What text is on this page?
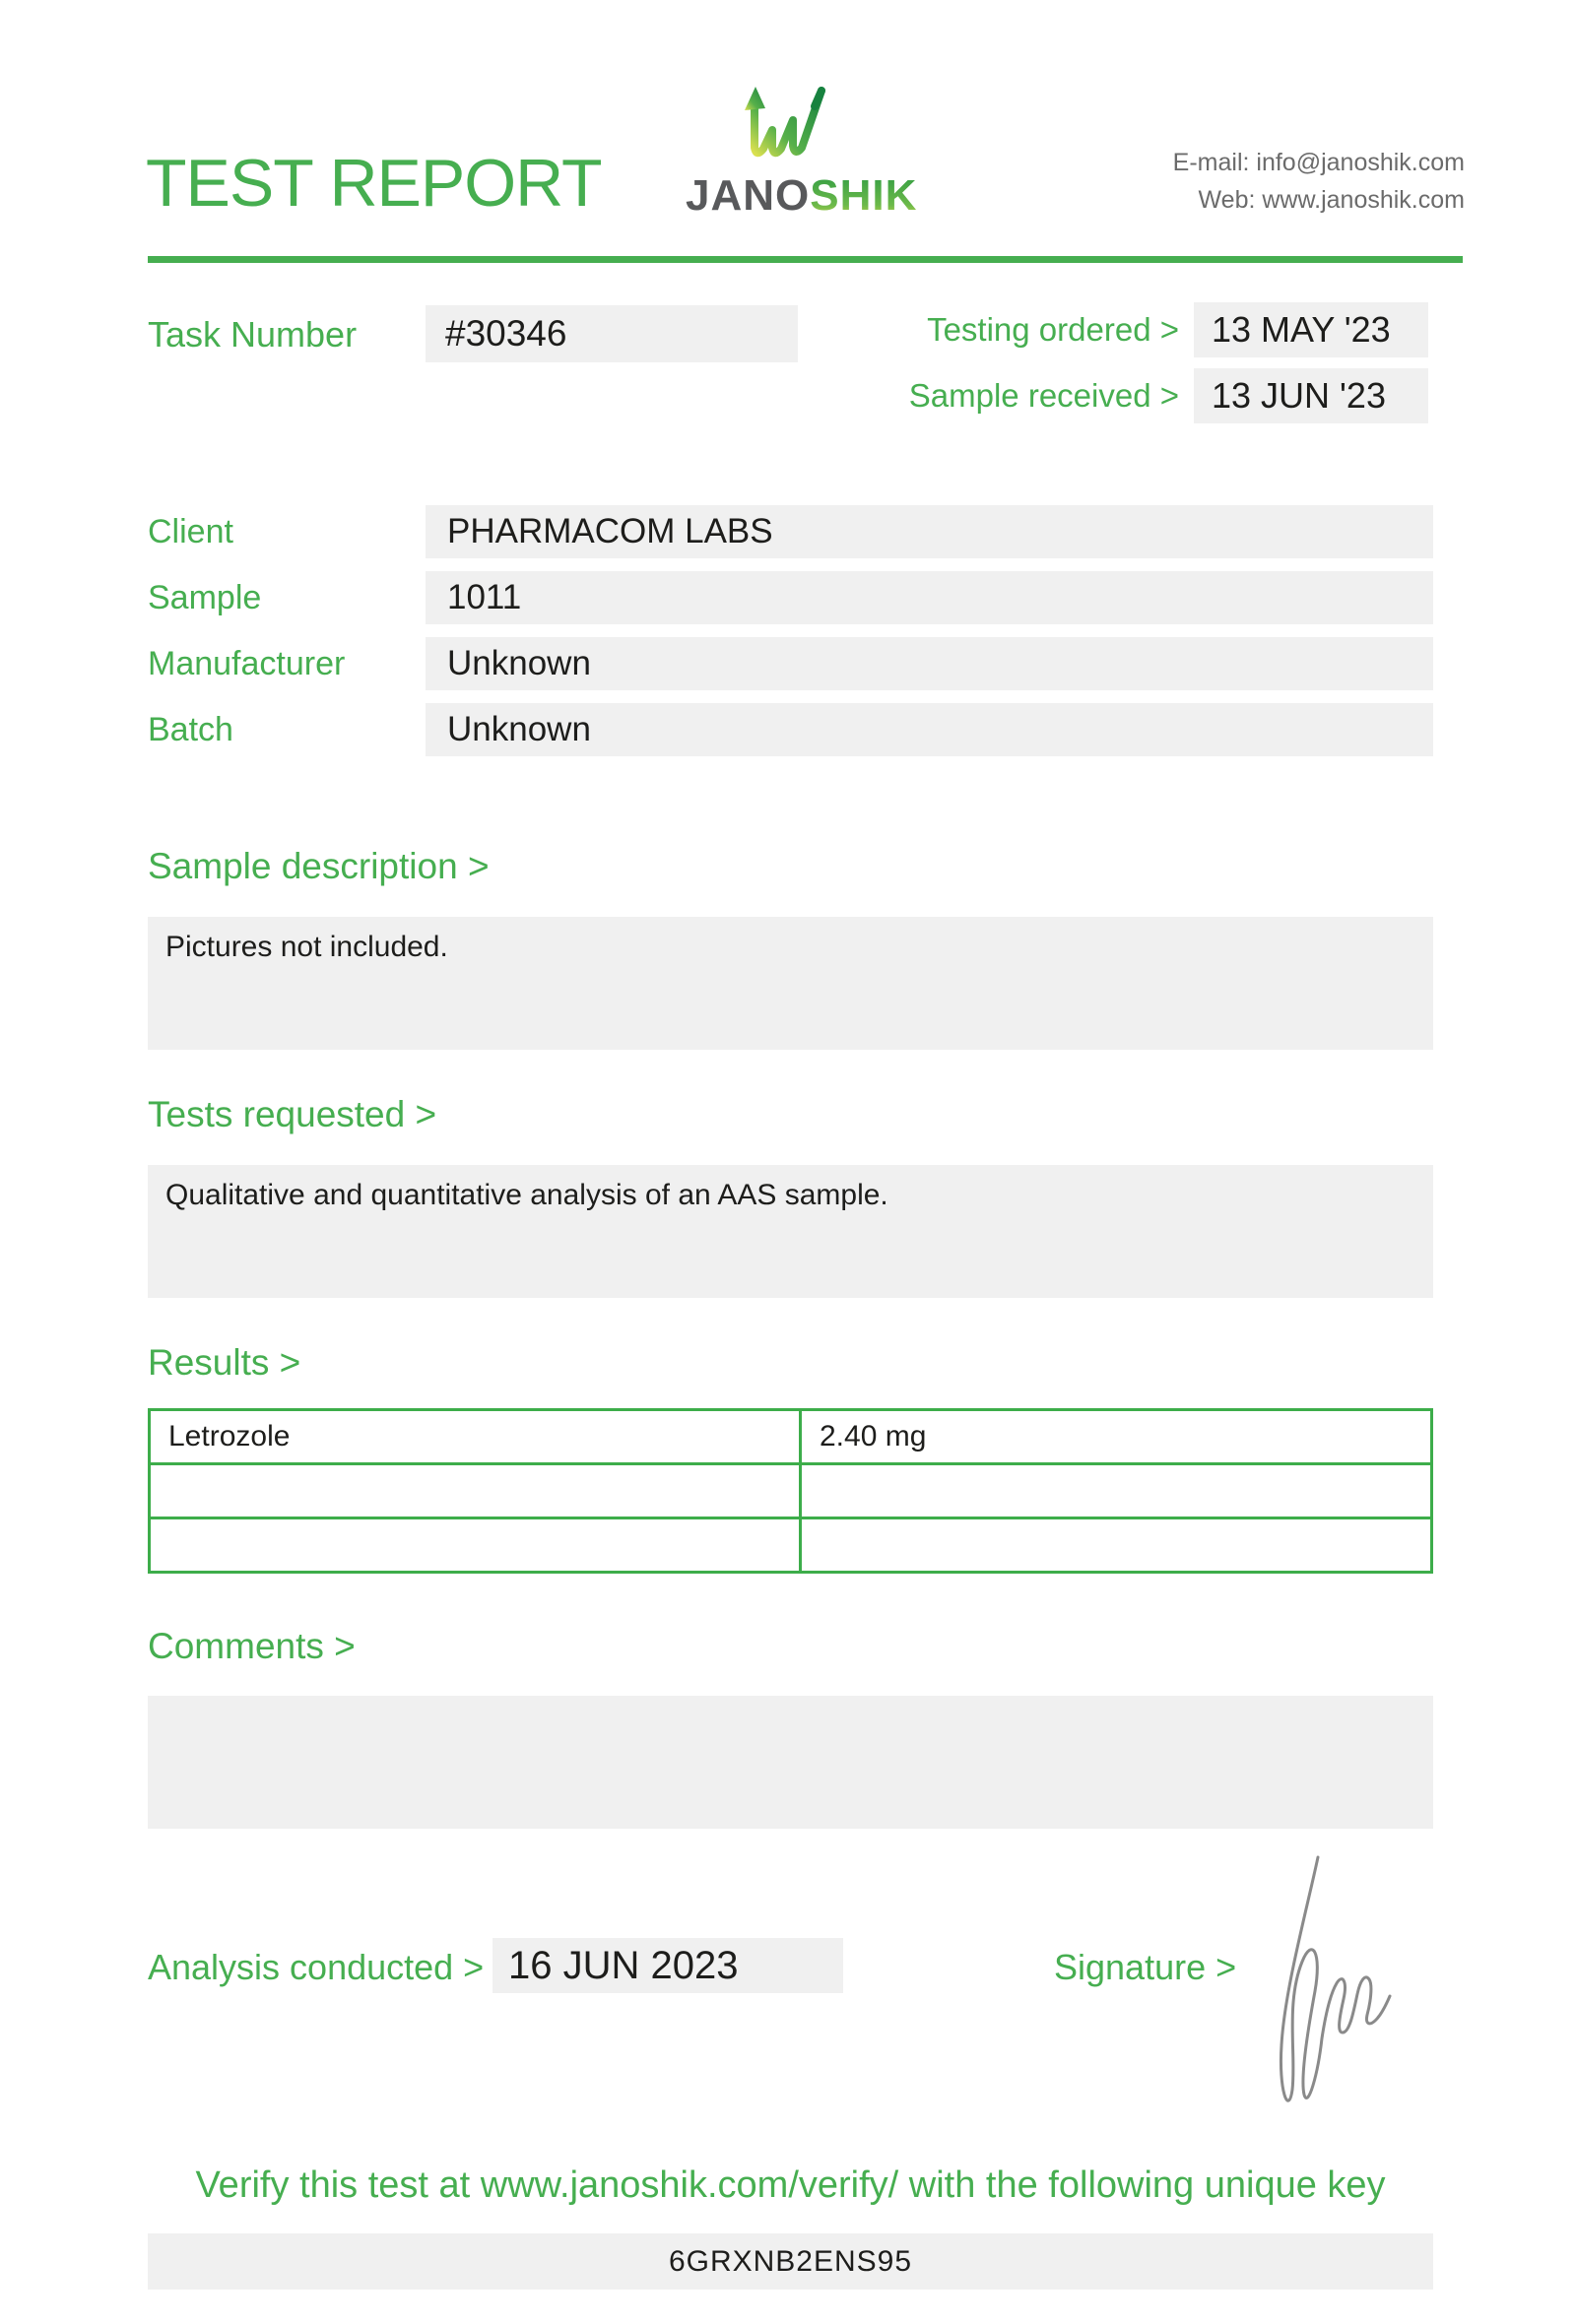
TEST REPORT JANOSHIK
E-mail: info@janoshik.com
Web: www.janoshik.com
Task Number	#30346	Testing ordered > 13 MAY '23
Sample received > 13 JUN '23
Client	PHARMACOM LABS
Sample	1011
Manufacturer	Unknown
Batch	Unknown
Sample description >
Pictures not included.
Tests requested >
Qualitative and quantitative analysis of an AAS sample.
Results >
Letrozole	2.40 mg
Comments >
Analysis conducted > 16 JUN 2023	Signature >
Verify this test at www.janoshik.com/verify/ with the following unique key
6GRXNB2ENS95
